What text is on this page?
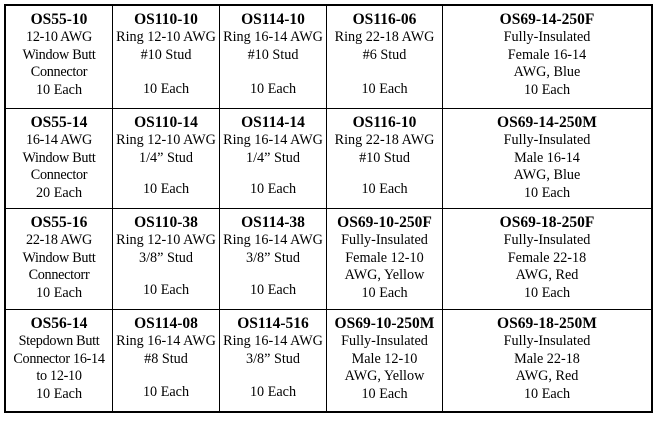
OS55-10
12-10 AWG
Window Butt
Connector
10 Each
OS110-10
Ring 12-10 AWG
#10 Stud
10 Each
OS114-10
Ring 16-14 AWG
#10 Stud
10 Each
OS116-06
Ring 22-18 AWG
#6 Stud
10 Each
OS69-14-250F
Fully-Insulated
Female 16-14
AWG, Blue
10 Each
OS55-14
16-14 AWG
Window Butt
Connector
20 Each
OS110-14
Ring 12-10 AWG
1/4” Stud
10 Each
OS114-14
Ring 16-14 AWG
1/4” Stud
10 Each
OS116-10
Ring 22-18 AWG
#10 Stud
10 Each
OS69-14-250M
Fully-Insulated
Male 16-14
AWG, Blue
10 Each
OS55-16
22-18 AWG
Window Butt
Connectorr
10 Each
OS110-38
Ring 12-10 AWG
3/8” Stud
10 Each
OS114-38
Ring 16-14 AWG
3/8” Stud
10 Each
OS69-10-250F
Fully-Insulated
Female 12-10
AWG, Yellow
10 Each
OS69-18-250F
Fully-Insulated
Female 22-18
AWG, Red
10 Each
OS56-14
Stepdown Butt
Connector 16-14
to 12-10
10 Each
OS114-08
Ring 16-14 AWG
#8 Stud
10 Each
OS114-516
Ring 16-14 AWG
3/8” Stud
10 Each
OS69-10-250M
Fully-Insulated
Male 12-10
AWG, Yellow
10 Each
OS69-18-250M
Fully-Insulated
Male 22-18
AWG, Red
10 Each
